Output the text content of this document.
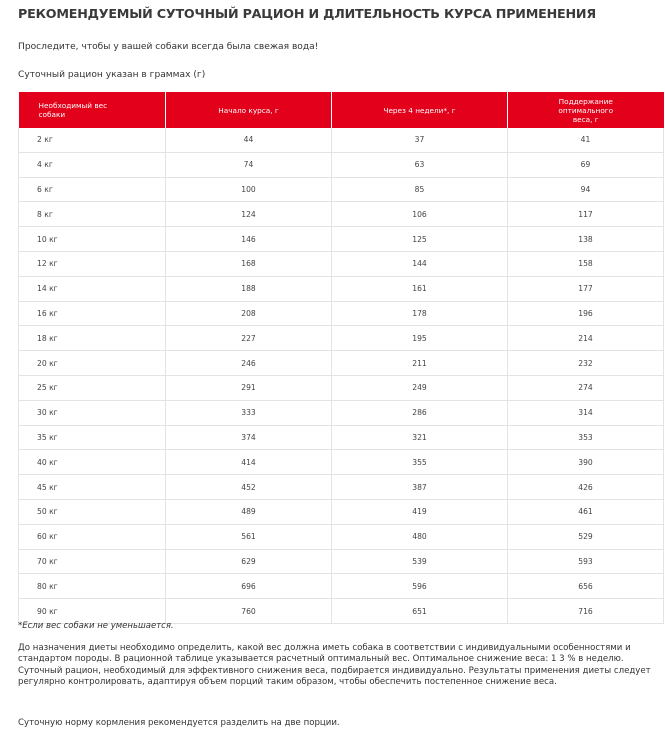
РЕКОМЕНДУЕМЫЙ СУТОЧНЫЙ РАЦИОН И ДЛИТЕЛЬНОСТЬ КУРСА ПРИМЕНЕНИЯ
Проследите, чтобы у вашей собаки всегда была свежая вода!
Суточный рацион указан в граммах (г)
Необходимый вес собаки	Начало курса, г	Через 4 недели*, г	Поддержание оптимального веса, г
2 кг	44	37	41
4 кг	74	63	69
6 кг	100	85	94
8 кг	124	106	117
10 кг	146	125	138
12 кг	168	144	158
14 кг	188	161	177
16 кг	208	178	196
18 кг	227	195	214
20 кг	246	211	232
25 кг	291	249	274
30 кг	333	286	314
35 кг	374	321	353
40 кг	414	355	390
45 кг	452	387	426
50 кг	489	419	461
60 кг	561	480	529
70 кг	629	539	593
80 кг	696	596	656
90 кг	760	651	716
*Если вес собаки не уменьшается.
До назначения диеты необходимо определить, какой вес должна иметь собака в соответствии с индивидуальными особенностями и стандартом породы. В рационной таблице указывается расчетный оптимальный вес. Оптимальное снижение веса: 1 3 % в неделю. Суточный рацион, необходимый для эффективного снижения веса, подбирается индивидуально. Результаты применения диеты следует регулярно контролировать, адаптируя объем порций таким образом, чтобы обеспечить постепенное снижение веса.
Суточную норму кормления рекомендуется разделить на две порции.
